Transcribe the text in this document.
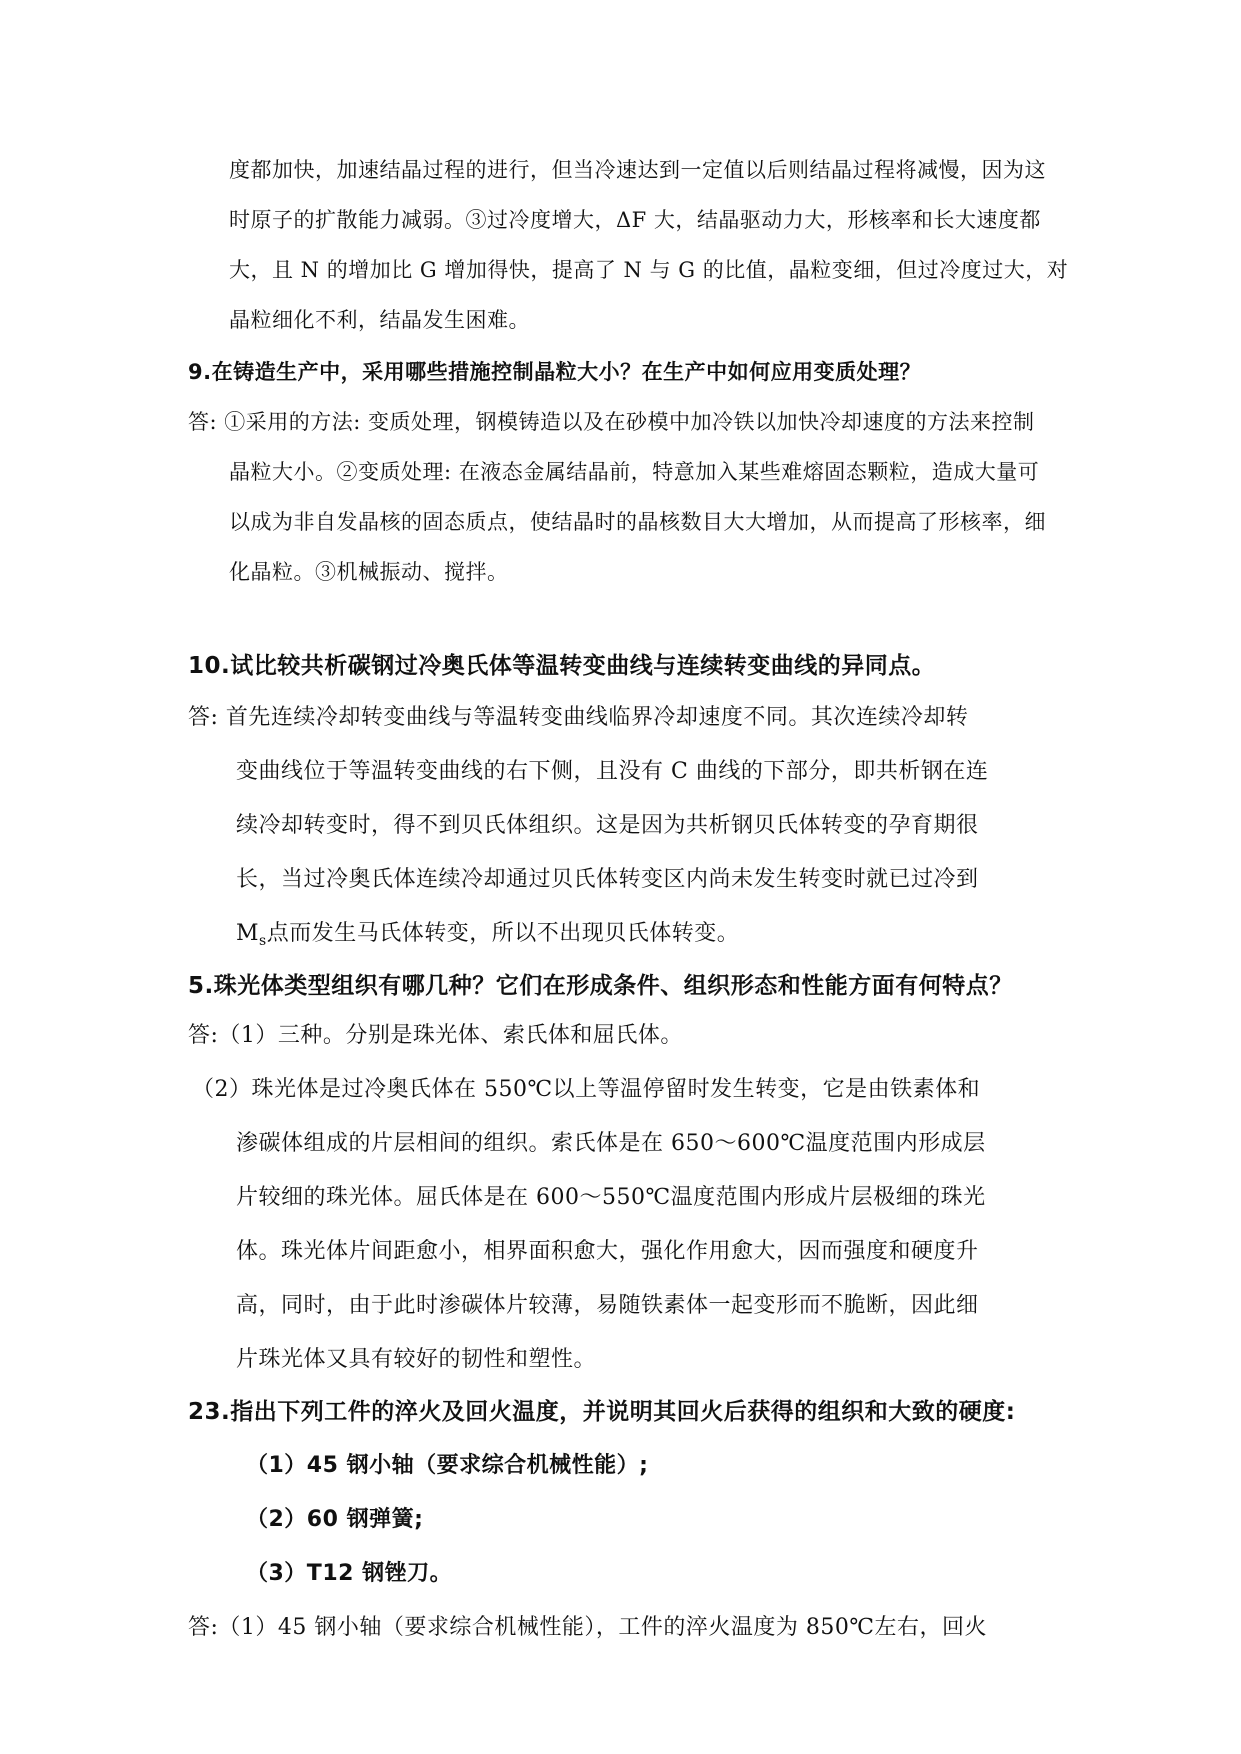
度都加快，加速结晶过程的进行，但当冷速达到一定值以后则结晶过程将减慢，因为这
时原子的扩散能力减弱。③过冷度增大，ΔF 大，结晶驱动力大，形核率和长大速度都
大，且 N 的增加比 G 增加得快，提高了 N 与 G 的比值，晶粒变细，但过冷度过大，对
晶粒细化不利，结晶发生困难。
9.在铸造生产中，采用哪些措施控制晶粒大小？在生产中如何应用变质处理？
答: ①采用的方法: 变质处理，钢模铸造以及在砂模中加冷铁以加快冷却速度的方法来控制
晶粒大小。②变质处理: 在液态金属结晶前，特意加入某些难熔固态颗粒，造成大量可
以成为非自发晶核的固态质点，使结晶时的晶核数目大大增加，从而提高了形核率，细
化晶粒。③机械振动、搅拌。
10.试比较共析碳钢过冷奥氏体等温转变曲线与连续转变曲线的异同点。
答: 首先连续冷却转变曲线与等温转变曲线临界冷却速度不同。其次连续冷却转
变曲线位于等温转变曲线的右下侧，且没有 C 曲线的下部分，即共析钢在连
续冷却转变时，得不到贝氏体组织。这是因为共析钢贝氏体转变的孕育期很
长，当过冷奥氏体连续冷却通过贝氏体转变区内尚未发生转变时就已过冷到
$M_s$点而发生马氏体转变，所以不出现贝氏体转变。
5.珠光体类型组织有哪几种？它们在形成条件、组织形态和性能方面有何特点？
答:（1）三种。分别是珠光体、索氏体和屈氏体。
（2）珠光体是过冷奥氏体在 550℃以上等温停留时发生转变，它是由铁素体和
渗碳体组成的片层相间的组织。索氏体是在 650～600℃温度范围内形成层
片较细的珠光体。屈氏体是在 600～550℃温度范围内形成片层极细的珠光
体。珠光体片间距愈小，相界面积愈大，强化作用愈大，因而强度和硬度升
高，同时，由于此时渗碳体片较薄，易随铁素体一起变形而不脆断，因此细
片珠光体又具有较好的韧性和塑性。
23.指出下列工件的淬火及回火温度，并说明其回火后获得的组织和大致的硬度:
（1）45 钢小轴（要求综合机械性能）;
（2）60 钢弹簧;
（3）T12 钢锉刀。
答:（1）45 钢小轴（要求综合机械性能），工件的淬火温度为 850℃左右，回火
